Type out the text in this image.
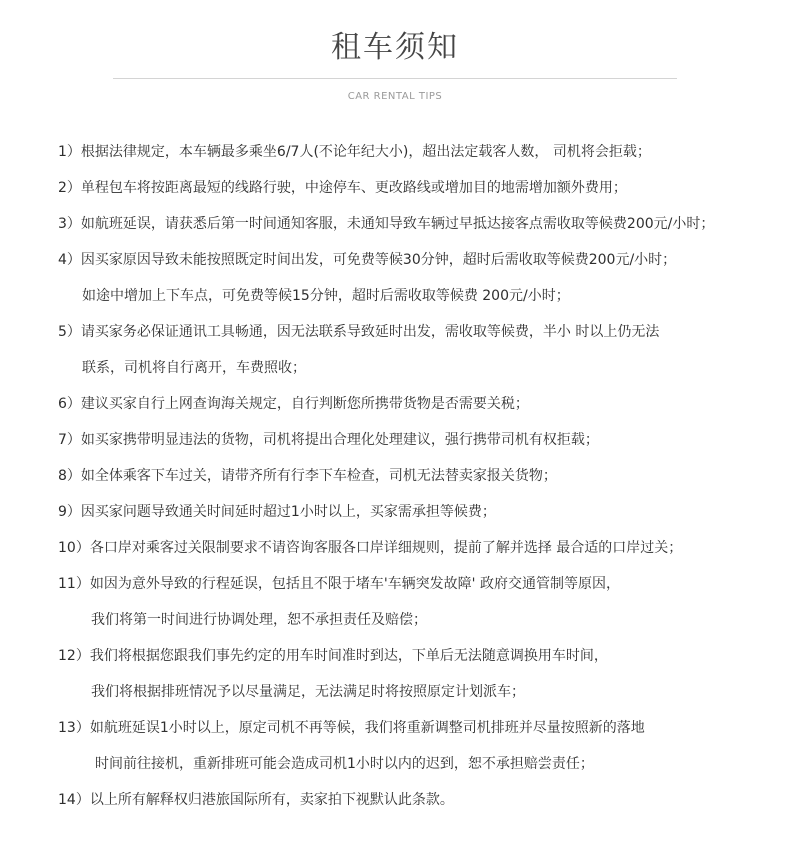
租车须知
CAR RENTAL TIPS
1）根据法律规定，本车辆最多乘坐6/7人(不论年纪大小)，超出法定载客人数， 司机将会拒载；
2）单程包车将按距离最短的线路行驶，中途停车、更改路线或增加目的地需增加额外费用；
3）如航班延误，请获悉后第一时间通知客服，未通知导致车辆过早抵达接客点需收取等候费200元/小时；
4）因买家原因导致未能按照既定时间出发，可免费等候30分钟，超时后需收取等候费200元/小时；
如途中增加上下车点，可免费等候15分钟，超时后需收取等候费 200元/小时；
5）请买家务必保证通讯工具畅通，因无法联系导致延时出发，需收取等候费，半小 时以上仍无法
联系，司机将自行离开，车费照收；
6）建议买家自行上网查询海关规定，自行判断您所携带货物是否需要关税；
7）如买家携带明显违法的货物，司机将提出合理化处理建议，强行携带司机有权拒载；
8）如全体乘客下车过关，请带齐所有行李下车检查，司机无法替卖家报关货物；
9）因买家问题导致通关时间延时超过1小时以上，买家需承担等候费；
10）各口岸对乘客过关限制要求不请咨询客服各口岸详细规则，提前了解并选择 最合适的口岸过关；
11）如因为意外导致的行程延误，包括且不限于堵车'车辆突发故障' 政府交通管制等原因，
我们将第一时间进行协调处理，恕不承担责任及赔偿；
12）我们将根据您跟我们事先约定的用车时间准时到达，下单后无法随意调换用车时间，
我们将根据排班情况予以尽量满足，无法满足时将按照原定计划派车；
13）如航班延误1小时以上，原定司机不再等候，我们将重新调整司机排班并尽量按照新的落地
时间前往接机，重新排班可能会造成司机1小时以内的迟到，恕不承担赔尝责任；
14）以上所有解释权归港旅国际所有，卖家拍下视默认此条款。
